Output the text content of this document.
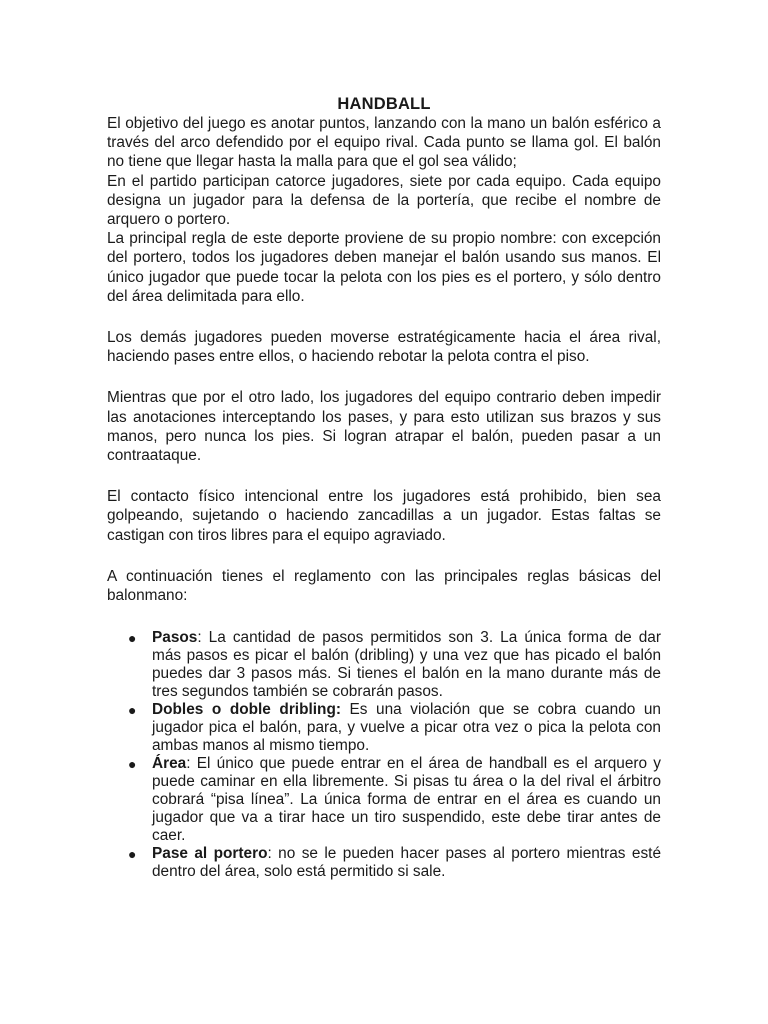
HANDBALL

El objetivo del juego es anotar puntos, lanzando con la mano un balón esférico a través del arco defendido por el equipo rival. Cada punto se llama gol. El balón no tiene que llegar hasta la malla para que el gol sea válido;

En el partido participan catorce jugadores, siete por cada equipo. Cada equipo designa un jugador para la defensa de la portería, que recibe el nombre de arquero o portero.

La principal regla de este deporte proviene de su propio nombre: con excepción del portero, todos los jugadores deben manejar el balón usando sus manos. El único jugador que puede tocar la pelota con los pies es el portero, y sólo dentro del área delimitada para ello.

Los demás jugadores pueden moverse estratégicamente hacia el área rival, haciendo pases entre ellos, o haciendo rebotar la pelota contra el piso.

Mientras que por el otro lado, los jugadores del equipo contrario deben impedir las anotaciones interceptando los pases, y para esto utilizan sus brazos y sus manos, pero nunca los pies. Si logran atrapar el balón, pueden pasar a un contraataque.

El contacto físico intencional entre los jugadores está prohibido, bien sea golpeando, sujetando o haciendo zancadillas a un jugador. Estas faltas se castigan con tiros libres para el equipo agraviado.

A continuación tienes el reglamento con las principales reglas básicas del balonmano:

● Pasos: La cantidad de pasos permitidos son 3. La única forma de dar más pasos es picar el balón (dribling) y una vez que has picado el balón puedes dar 3 pasos más. Si tienes el balón en la mano durante más de tres segundos también se cobrarán pasos.
● Dobles o doble dribling: Es una violación que se cobra cuando un jugador pica el balón, para, y vuelve a picar otra vez o pica la pelota con ambas manos al mismo tiempo.
● Área: El único que puede entrar en el área de handball es el arquero y puede caminar en ella libremente. Si pisas tu área o la del rival el árbitro cobrará “pisa línea”. La única forma de entrar en el área es cuando un jugador que va a tirar hace un tiro suspendido, este debe tirar antes de caer.
● Pase al portero: no se le pueden hacer pases al portero mientras esté dentro del área, solo está permitido si sale.
